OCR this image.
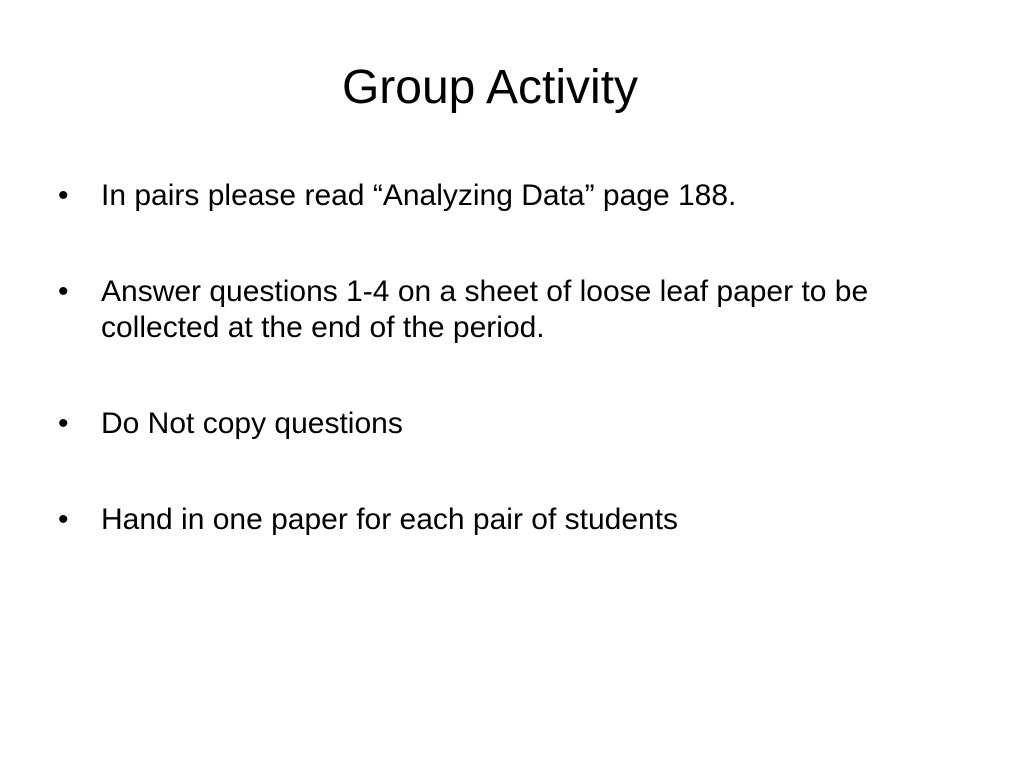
Group Activity
•	In pairs please read “Analyzing Data” page 188.
•	Answer questions 1-4 on a sheet of loose leaf paper to be collected at the end of the period.
•	Do Not copy questions
•	Hand in one paper for each pair of students
